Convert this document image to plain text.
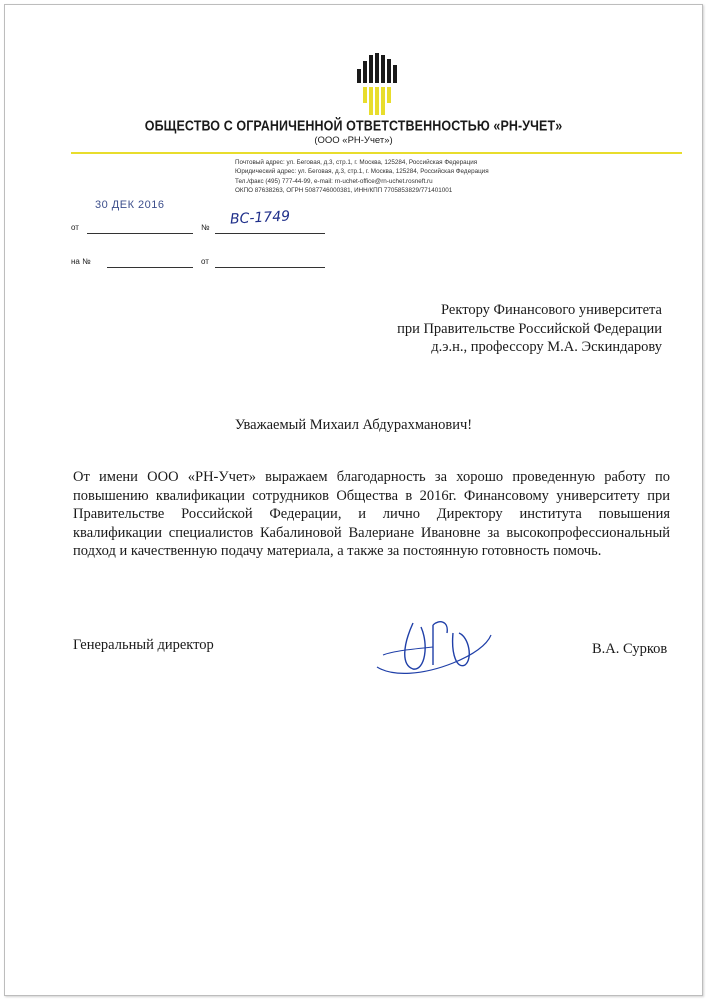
ОБЩЕСТВО С ОГРАНИЧЕННОЙ ОТВЕТСТВЕННОСТЬЮ «РН-УЧЕТ»
(ООО «РН-Учет»)
Почтовый адрес: ул. Беговая, д.3, стр.1, г. Москва, 125284, Российская Федерация
Юридический адрес: ул. Беговая, д.3, стр.1, г. Москва, 125284, Российская Федерация
Тел./факс (495) 777-44-99, e-mail: rn-uchet-office@rn-uchet.rosneft.ru
ОКПО 87638263, ОГРН 5087746000381, ИНН/КПП 7705853829/771401001
30 ДЕК 2016
от	№ ВС-1749
на №	от
Ректору Финансового университета
при Правительстве Российской Федерации
д.э.н., профессору М.А. Эскиндарову
Уважаемый Михаил Абдурахманович!
От имени ООО «РН-Учет» выражаем благодарность за хорошо проведенную работу по повышению квалификации сотрудников Общества в 2016г. Финансовому университету при Правительстве Российской Федерации, и лично Директору института повышения квалификации специалистов Кабалиновой Валериане Ивановне за высокопрофессиональный подход и качественную подачу материала, а также за постоянную готовность помочь.
Генеральный директор	В.А. Сурков
